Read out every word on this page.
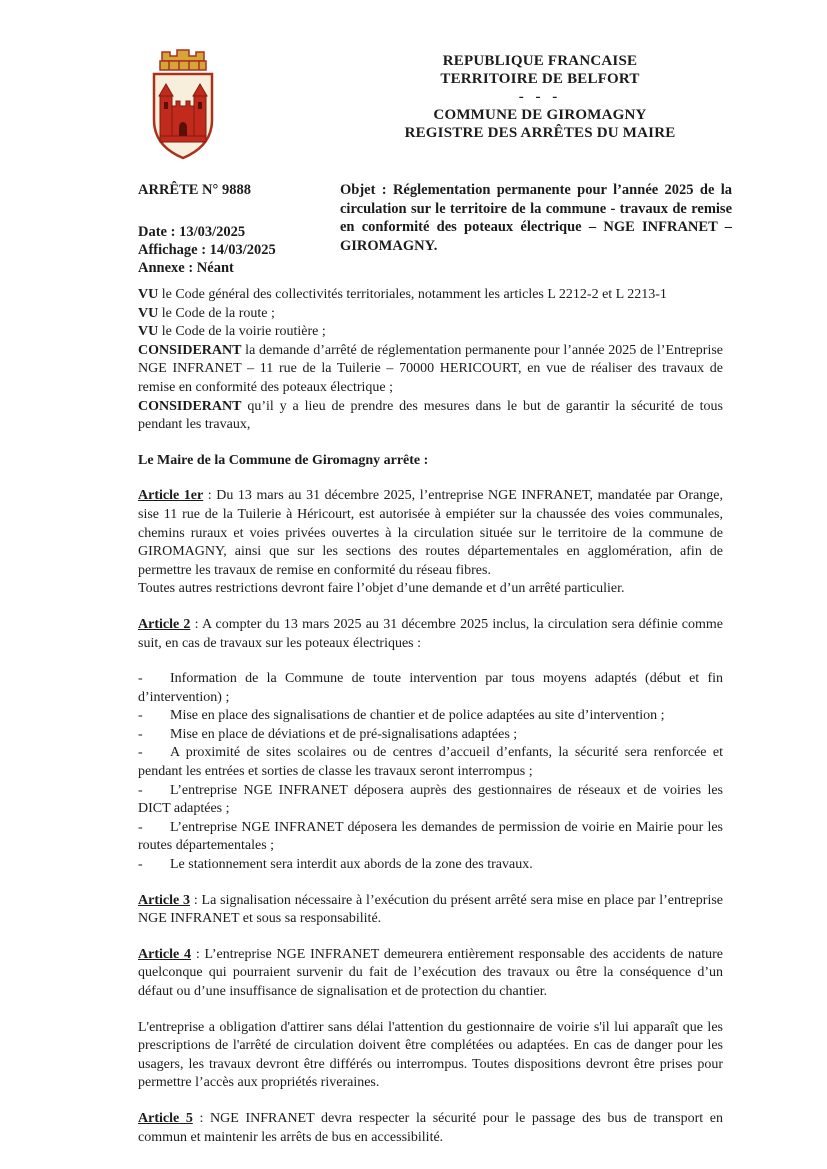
REPUBLIQUE FRANCAISE
TERRITOIRE DE BELFORT
- - -
COMMUNE DE GIROMAGNY
REGISTRE DES ARRÊTES DU MAIRE
ARRÊTE N° 9888
Date : 13/03/2025
Affichage : 14/03/2025
Annexe : Néant
Objet : Réglementation permanente pour l’année 2025 de la circulation sur le territoire de la commune - travaux de remise en conformité des poteaux électrique – NGE INFRANET – GIROMAGNY.

VU le Code général des collectivités territoriales, notamment les articles L 2212-2 et L 2213-1

VU le Code de la route ;

VU le Code de la voirie routière ;

CONSIDERANT la demande d’arrêté de réglementation permanente pour l’année 2025 de l’Entreprise NGE INFRANET – 11 rue de la Tuilerie – 70000 HERICOURT, en vue de réaliser des travaux de remise en conformité des poteaux électrique ;

CONSIDERANT qu’il y a lieu de prendre des mesures dans le but de garantir la sécurité de tous pendant les travaux,

Le Maire de la Commune de Giromagny arrête :

Article 1er : Du 13 mars au 31 décembre 2025, l’entreprise NGE INFRANET, mandatée par Orange, sise 11 rue de la Tuilerie à Héricourt, est autorisée à empiéter sur la chaussée des voies communales, chemins ruraux et voies privées ouvertes à la circulation située sur le territoire de la commune de GIROMAGNY, ainsi que sur les sections des routes départementales en agglomération, afin de permettre les travaux de remise en conformité du réseau fibres.

Toutes autres restrictions devront faire l’objet d’une demande et d’un arrêté particulier.

Article 2 : A compter du 13 mars 2025 au 31 décembre 2025 inclus, la circulation sera définie comme suit, en cas de travaux sur les poteaux électriques :

- Information de la Commune de toute intervention par tous moyens adaptés (début et fin d’intervention) ;

- Mise en place des signalisations de chantier et de police adaptées au site d’intervention ;

- Mise en place de déviations et de pré-signalisations adaptées ;

- A proximité de sites scolaires ou de centres d’accueil d’enfants, la sécurité sera renforcée et pendant les entrées et sorties de classe les travaux seront interrompus ;

- L’entreprise NGE INFRANET déposera auprès des gestionnaires de réseaux et de voiries les DICT adaptées ;

- L’entreprise NGE INFRANET déposera les demandes de permission de voirie en Mairie pour les routes départementales ;

- Le stationnement sera interdit aux abords de la zone des travaux.

Article 3 : La signalisation nécessaire à l’exécution du présent arrêté sera mise en place par l’entreprise NGE INFRANET et sous sa responsabilité.

Article 4 : L’entreprise NGE INFRANET demeurera entièrement responsable des accidents de nature quelconque qui pourraient survenir du fait de l’exécution des travaux ou être la conséquence d’un défaut ou d’une insuffisance de signalisation et de protection du chantier.

L'entreprise a obligation d'attirer sans délai l'attention du gestionnaire de voirie s'il lui apparaît que les prescriptions de l'arrêté de circulation doivent être complétées ou adaptées. En cas de danger pour les usagers, les travaux devront être différés ou interrompus. Toutes dispositions devront être prises pour permettre l’accès aux propriétés riveraines.

Article 5 : NGE INFRANET devra respecter la sécurité pour le passage des bus de transport en commun et maintenir les arrêts de bus en accessibilité.
